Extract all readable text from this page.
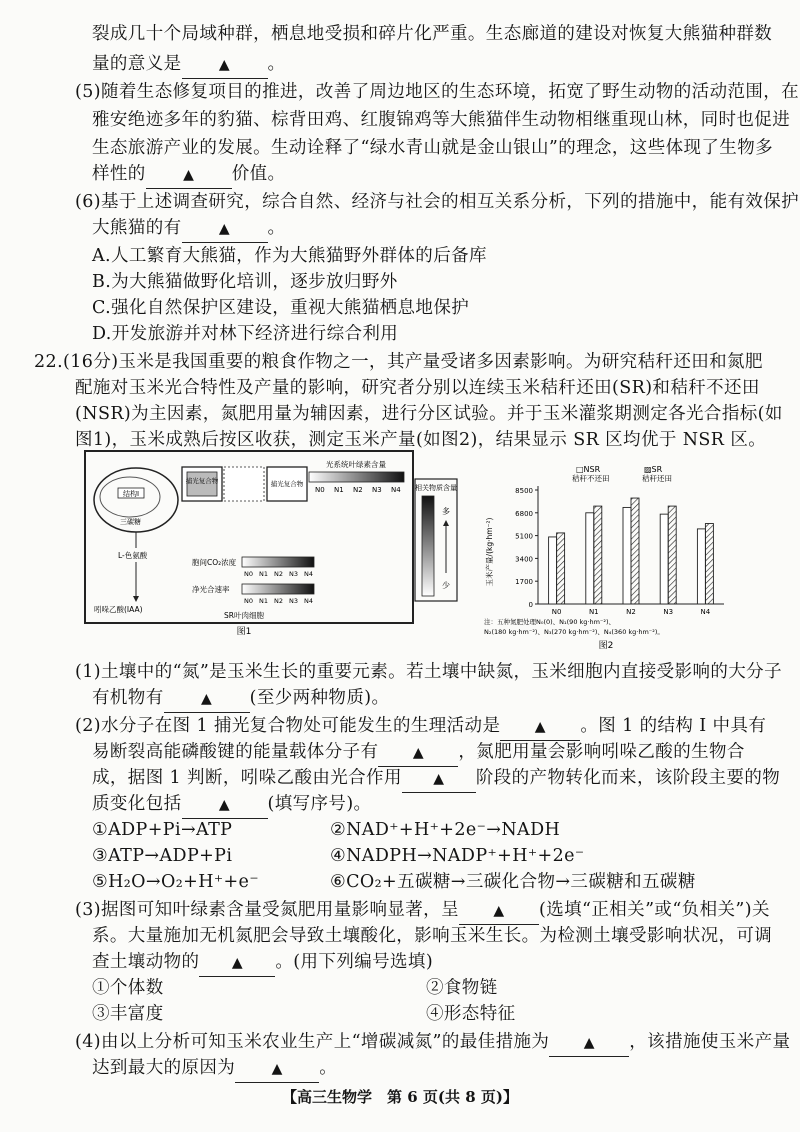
裂成几十个局域种群，栖息地受损和碎片化严重。生态廊道的建设对恢复大熊猫种群数
量的意义是	▲ 。
(5)随着生态修复项目的推进，改善了周边地区的生态环境，拓宽了野生动物的活动范围，在
雅安绝迹多年的豹猫、棕背田鸡、红腹锦鸡等大熊猫伴生动物相继重现山林，同时也促进
生态旅游产业的发展。生动诠释了“绿水青山就是金山银山”的理念，这些体现了生物多
样性的	▲ 价值。
(6)基于上述调查研究，综合自然、经济与社会的相互关系分析，下列的措施中，能有效保护
大熊猫的有	▲ 。
A.人工繁育大熊猫，作为大熊猫野外群体的后备库
B.为大熊猫做野化培训，逐步放归野外
C.强化自然保护区建设，重视大熊猫栖息地保护
D.开发旅游并对林下经济进行综合利用
22.(16分)玉米是我国重要的粮食作物之一，其产量受诸多因素影响。为研究秸秆还田和氮肥
配施对玉米光合特性及产量的影响，研究者分别以连续玉米秸秆还田(SR)和秸秆不还田
(NSR)为主因素，氮肥用量为辅因素，进行分区试验。并于玉米灌浆期测定各光合指标(如
图1)，玉米成熟后按区收获，测定玉米产量(如图2)，结果显示 SR 区均优于 NSR 区。
结构Ⅰ
三碳糖
捕光复合物	捕光复合物
光系统叶绿素含量
N0 N1 N2 N3 N4
L-色氨酸
吲哚乙酸(IAA)
胞间CO₂浓度
N0 N1 N2 N3 N4
净光合速率
N0 N1 N2 N3 N4
SR叶肉细胞
图1
相关物质含量
多
少
□NSR
秸秆不还田
▨SR
秸秆还田
玉米产量/(kg·hm⁻²)
0
1700
3400
5100
6800
8500
N0	N1	N2	N3	N4
注：五种氮肥处理N₀(0)、N₁(90 kg·hm⁻²)、
N₂(180 kg·hm⁻²)、N₃(270 kg·hm⁻²)、N₄(360 kg·hm⁻²)。
图2
(1)土壤中的“氮”是玉米生长的重要元素。若土壤中缺氮，玉米细胞内直接受影响的大分子
有机物有	▲ (至少两种物质)。
(2)水分子在图 1 捕光复合物处可能发生的生理活动是 ▲ 。图 1 的结构 Ⅰ 中具有
易断裂高能磷酸键的能量载体分子有 ▲ ，氮肥用量会影响吲哚乙酸的生物合
成，据图 1 判断，吲哚乙酸由光合作用 ▲ 阶段的产物转化而来，该阶段主要的物
质变化包括	▲ (填写序号)。
①ADP+Pi→ATP	②NAD⁺+H⁺+2e⁻→NADH
③ATP→ADP+Pi	④NADPH→NADP⁺+H⁺+2e⁻
⑤H₂O→O₂+H⁺+e⁻	⑥CO₂+五碳糖→三碳化合物→三碳糖和五碳糖
(3)据图可知叶绿素含量受氮肥用量影响显著，呈 ▲ (选填“正相关”或“负相关”)关
系。大量施加无机氮肥会导致土壤酸化，影响玉米生长。为检测土壤受影响状况，可调
查土壤动物的 ▲ 。(用下列编号选填)
①个体数	②食物链
③丰富度	④形态特征
(4)由以上分析可知玉米农业生产上“增碳减氮”的最佳措施为 ▲ ，该措施使玉米产量
达到最大的原因为	▲ 。
【高三生物学　第 6 页(共 8 页)】
